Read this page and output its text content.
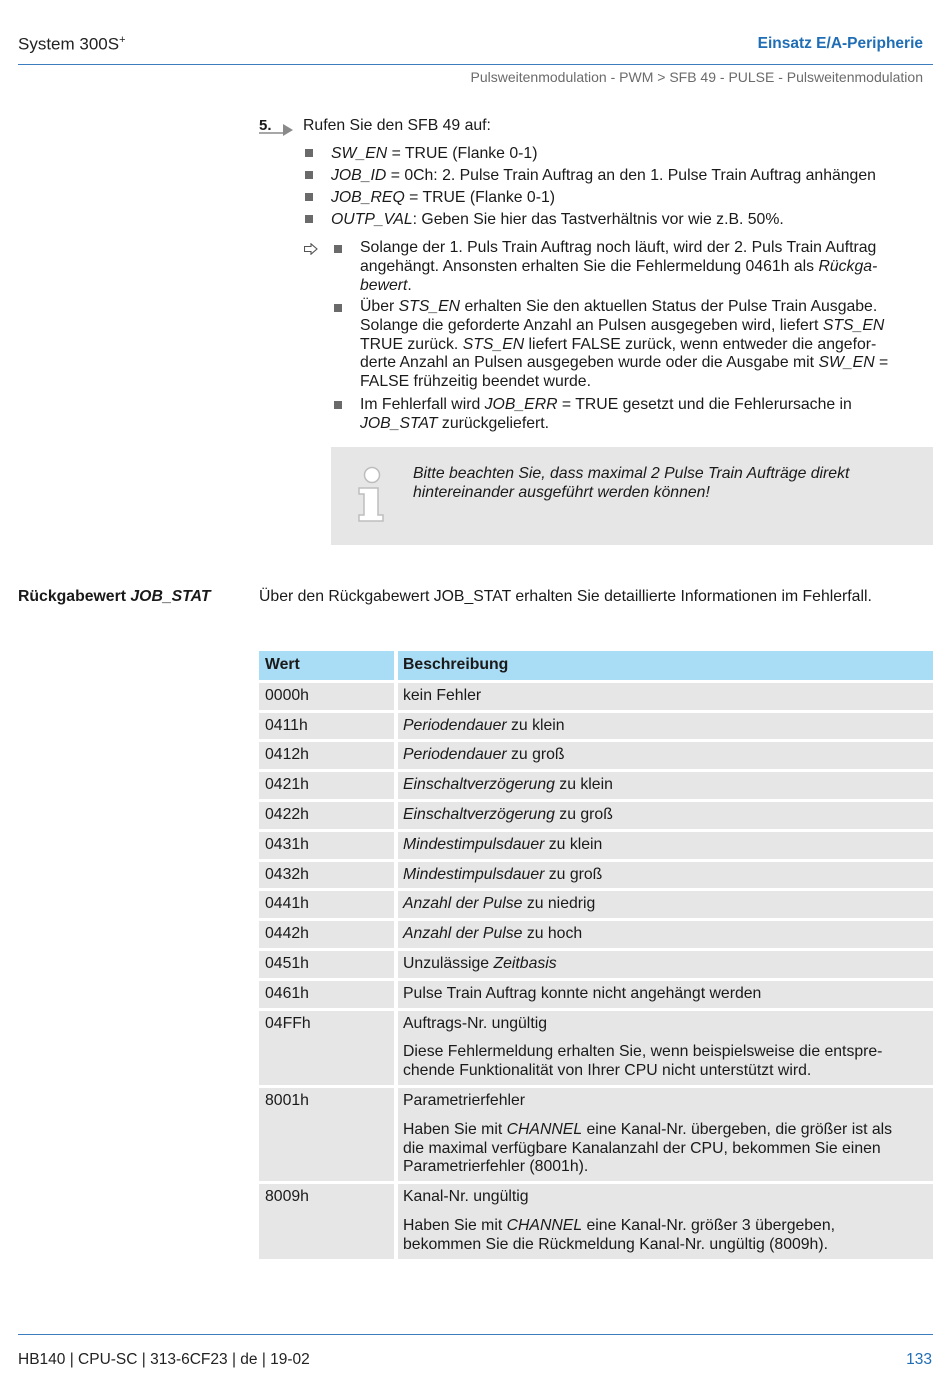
System 300S+	Einsatz E/A-Peripherie
Pulsweitenmodulation - PWM > SFB 49 - PULSE - Pulsweitenmodulation
5. Rufen Sie den SFB 49 auf:
SW_EN = TRUE (Flanke 0-1)
JOB_ID = 0Ch: 2. Pulse Train Auftrag an den 1. Pulse Train Auftrag anhängen
JOB_REQ = TRUE (Flanke 0-1)
OUTP_VAL: Geben Sie hier das Tastverhältnis vor wie z.B. 50%.
Solange der 1. Puls Train Auftrag noch läuft, wird der 2. Puls Train Auftrag
angehängt. Ansonsten erhalten Sie die Fehlermeldung 0461h als Rückga-
bewert.
Über STS_EN erhalten Sie den aktuellen Status der Pulse Train Ausgabe.
Solange die geforderte Anzahl an Pulsen ausgegeben wird, liefert STS_EN
TRUE zurück. STS_EN liefert FALSE zurück, wenn entweder die angefor-
derte Anzahl an Pulsen ausgegeben wurde oder die Ausgabe mit SW_EN =
FALSE frühzeitig beendet wurde.
Im Fehlerfall wird JOB_ERR = TRUE gesetzt und die Fehlerursache in
JOB_STAT zurückgeliefert.
Bitte beachten Sie, dass maximal 2 Pulse Train Aufträge direkt
hintereinander ausgeführt werden können!
Rückgabewert JOB_STAT	Über den Rückgabewert JOB_STAT erhalten Sie detaillierte Informationen im Fehlerfall.
Wert	Beschreibung
0000h	kein Fehler
0411h	Periodendauer zu klein
0412h	Periodendauer zu groß
0421h	Einschaltverzögerung zu klein
0422h	Einschaltverzögerung zu groß
0431h	Mindestimpulsdauer zu klein
0432h	Mindestimpulsdauer zu groß
0441h	Anzahl der Pulse zu niedrig
0442h	Anzahl der Pulse zu hoch
0451h	Unzulässige Zeitbasis
0461h	Pulse Train Auftrag konnte nicht angehängt werden
04FFh	Auftrags-Nr. ungültig
Diese Fehlermeldung erhalten Sie, wenn beispielsweise die entspre-
chende Funktionalität von Ihrer CPU nicht unterstützt wird.

8001h	Parametrierfehler
Haben Sie mit CHANNEL eine Kanal-Nr. übergeben, die größer ist als
die maximal verfügbare Kanalanzahl der CPU, bekommen Sie einen
Parametrierfehler (8001h).

8009h	Kanal-Nr. ungültig
Haben Sie mit CHANNEL eine Kanal-Nr. größer 3 übergeben,
bekommen Sie die Rückmeldung Kanal-Nr. ungültig (8009h).
HB140 | CPU-SC | 313-6CF23 | de | 19-02	133
